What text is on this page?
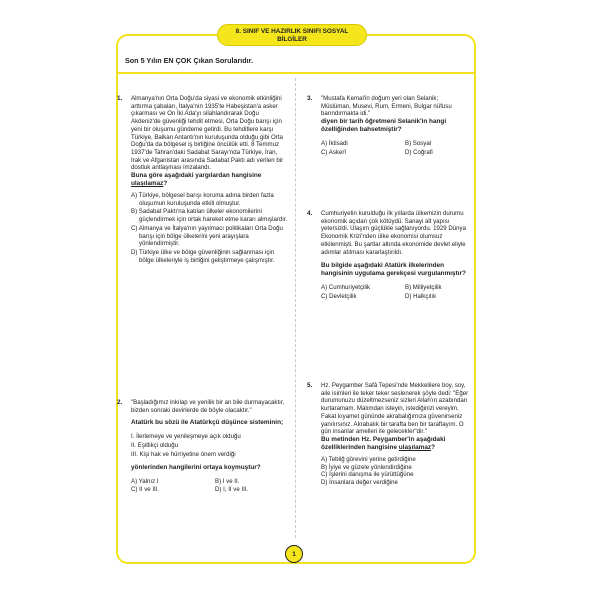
8. SINIF VE HAZIRLIK SINIFI SOSYAL
BİLGİLER
Son 5 Yılın EN ÇOK Çıkan Sorularıdır.
1. Almanya'nın Orta Doğu'da siyasi ve ekonomik etkinliğini arttırma çabaları, İtalya'nın 1935'te Habeşistan'a asker çıkarması ve On İki Ada'yı silahlandırarak Doğu Akdeniz'de güvenliği tehdit etmesi, Orta Doğu barışı için yeni bir oluşumu gündeme getirdi. Bu tehditlere karşı Türkiye, Balkan Antantı'nın kuruluşunda olduğu gibi Orta Doğu'da da bölgesel iş birliğine öncülük etti. 8 Temmuz 1937'de Tahran'daki Sadabat Sarayı'nda Türkiye, İran, Irak ve Afganistan arasında Sadabat Paktı adı verilen bir dostluk antlaşması imzalandı.

Buna göre aşağıdaki yargılardan hangisine ulaşılamaz?

A) Türkiye, bölgesel barışı koruma adına birden fazla oluşumun kuruluşunda etkili olmuştur.
B) Sadabat Paktı'na katılan ülkeler ekonomilerini güçlendirmek için ortak hareket etme kararı almışlardır.
C) Almanya ve İtalya'nın yayılmacı politikaları Orta Doğu barışı için bölge ülkelerini yeni arayışlara yönlendirmiştir.
D) Türkiye ülke ve bölge güvenliğinin sağlanması için bölge ülkeleriyle iş birliğini geliştirmeye çalışmıştır.
2. "Başladığımız inkılap ve yenilik bir an bile durmayacaktır, bizden sonraki devirlerde de böyle olacaktır."

Atatürk bu sözü ile Atatürkçü düşünce sisteminin;

I. İlerlemeye ve yenileşmeye açık olduğu
II. Eşitlikçi olduğu
III. Kişi hak ve hürriyetine önem verdiği

yönlerinden hangilerini ortaya koymuştur?

A) Yalnız I	B) I ve II.
C) II ve III.	D) I, II ve III.
3. "Mustafa Kemal'in doğum yeri olan Selanik; Müslüman, Musevi, Rum, Ermeni, Bulgar nüfusu barındırmakta idi."

diyen bir tarih öğretmeni Selanik'in hangi özelliğinden bahsetmiştir?

A) İktisadi	B) Sosyal
C) Askerî	D) Coğrafi
4. Cumhuriyetin kurulduğu ilk yıllarda ülkemizin durumu ekonomik açıdan çok kötüydü. Sanayi alt yapısı yetersizdi. Ulaşım güçlükle sağlanıyordu. 1929 Dünya Ekonomik Krizi'nden ülke ekonomisi olumsuz etkilenmişti. Bu şartlar altında ekonomide devlet eliyle adımlar atılması kararlaştırıldı.

Bu bilgide aşağıdaki Atatürk ilkelerinden hangisinin uygulama gerekçesi vurgulanmıştır?

A) Cumhuriyetçilik	B) Milliyetçilik
C) Devletçilik	D) Halkçılık
5. Hz. Peygamber Safâ Tepesi'nde Mekkelilere boy, soy, aile isimleri ile teker teker seslenerek şöyle dedi: "Eğer durumunuzu düzeltmezseniz sizleri Allah'ın azabından kurtaramam. Malımdan isteyin, istediğinizi vereyim. Fakat kıyamet gününde akrabalığımıza güvenirseniz yanılırsınız. Akrabalık bir tarafta ben bir taraftayım. O gün insanlar amelleri ile gelecekler"dir."

Bu metinden Hz. Peygamber'in aşağıdaki özelliklerinden hangisine ulaşılamaz?

A) Tebliğ görevini yerine getirdiğine
B) İyiye ve güzele yönlendirdiğine
C) İşlerini danışma ile yürüttüğüne
D) İnsanlara değer verdiğine
1
